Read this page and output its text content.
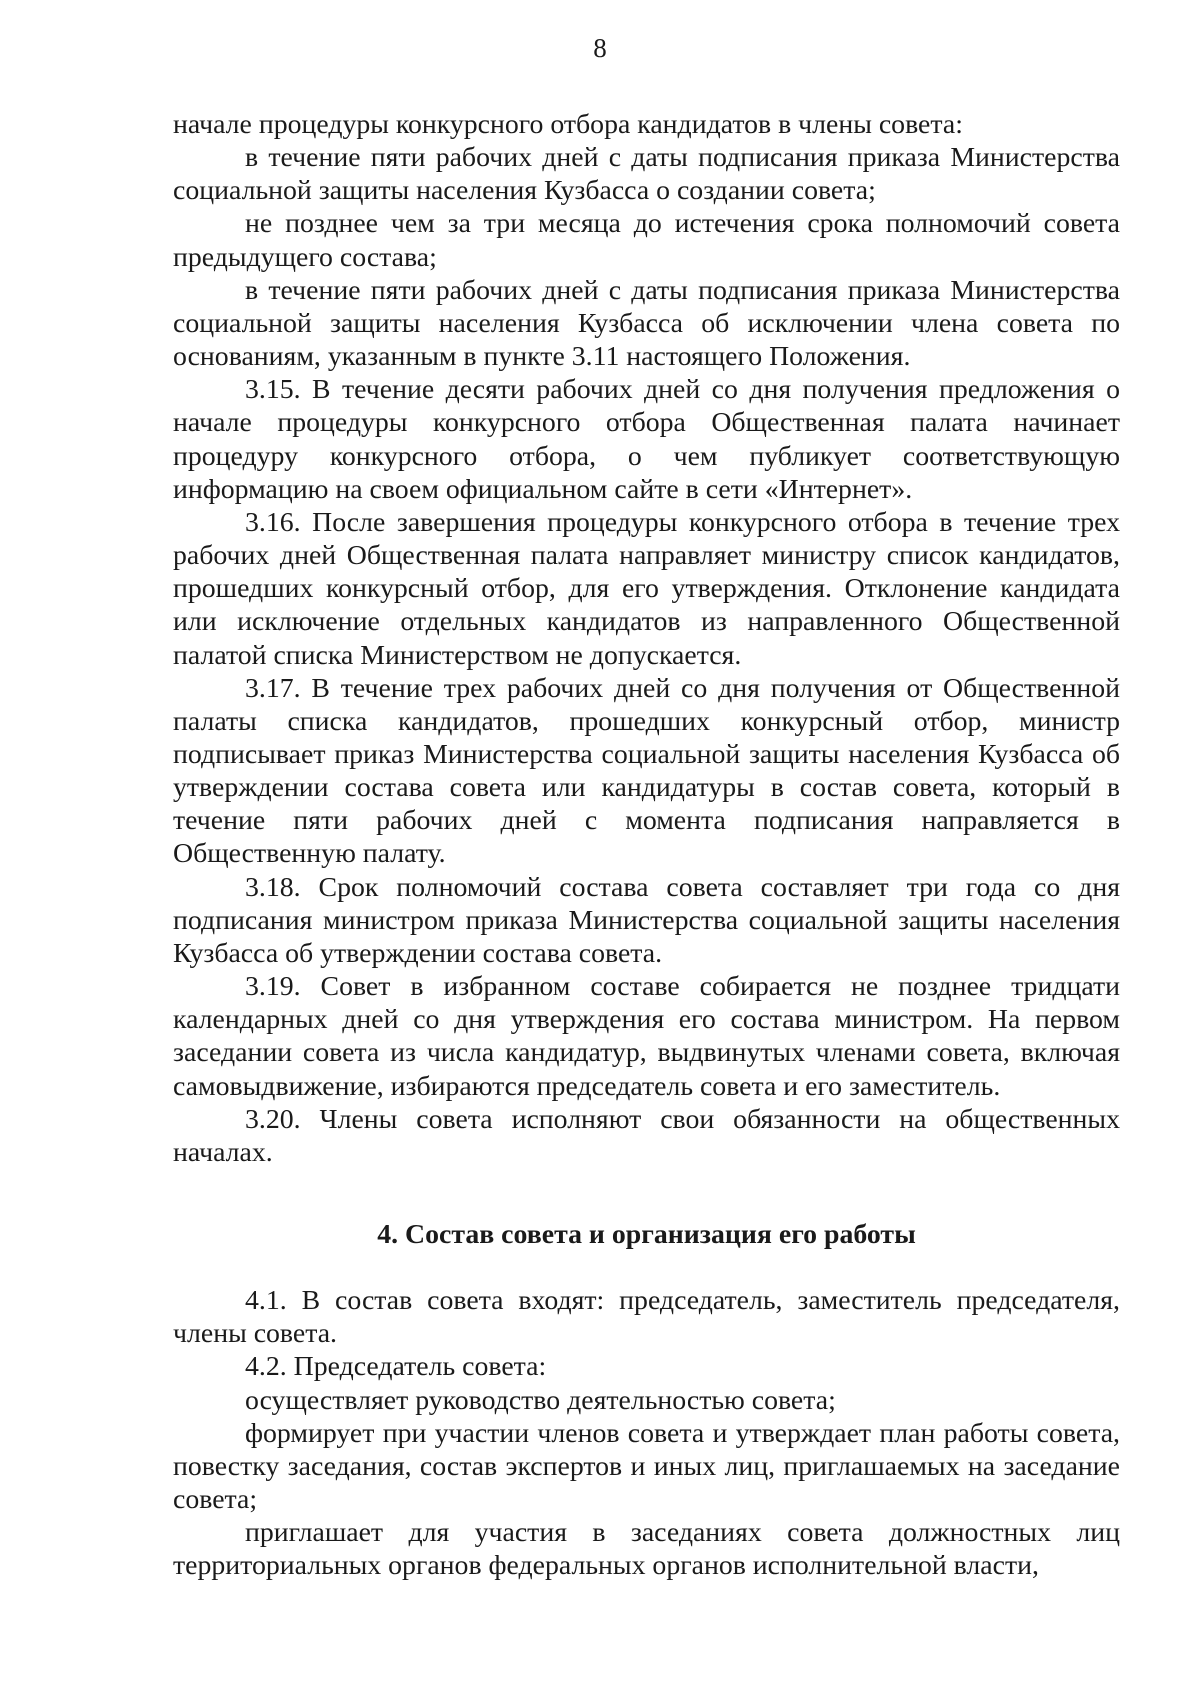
8

начале процедуры конкурсного отбора кандидатов в члены совета:

в течение пяти рабочих дней с даты подписания приказа Министерства социальной защиты населения Кузбасса о создании совета;

не позднее чем за три месяца до истечения срока полномочий совета предыдущего состава;

в течение пяти рабочих дней с даты подписания приказа Министерства социальной защиты населения Кузбасса об исключении члена совета по основаниям, указанным в пункте 3.11 настоящего Положения.

3.15. В течение десяти рабочих дней со дня получения предложения о начале процедуры конкурсного отбора Общественная палата начинает процедуру конкурсного отбора, о чем публикует соответствующую информацию на своем официальном сайте в сети «Интернет».

3.16. После завершения процедуры конкурсного отбора в течение трех рабочих дней Общественная палата направляет министру список кандидатов, прошедших конкурсный отбор, для его утверждения. Отклонение кандидата или исключение отдельных кандидатов из направленного Общественной палатой списка Министерством не допускается.

3.17. В течение трех рабочих дней со дня получения от Общественной палаты списка кандидатов, прошедших конкурсный отбор, министр подписывает приказ Министерства социальной защиты населения Кузбасса об утверждении состава совета или кандидатуры в состав совета, который в течение пяти рабочих дней с момента подписания направляется в Общественную палату.

3.18. Срок полномочий состава совета составляет три года со дня подписания министром приказа Министерства социальной защиты населения Кузбасса об утверждении состава совета.

3.19. Совет в избранном составе собирается не позднее тридцати календарных дней со дня утверждения его состава министром. На первом заседании совета из числа кандидатур, выдвинутых членами совета, включая самовыдвижение, избираются председатель совета и его заместитель.

3.20. Члены совета исполняют свои обязанности на общественных началах.

4. Состав совета и организация его работы

4.1. В состав совета входят: председатель, заместитель председателя, члены совета.

4.2. Председатель совета:

осуществляет руководство деятельностью совета;

формирует при участии членов совета и утверждает план работы совета, повестку заседания, состав экспертов и иных лиц, приглашаемых на заседание совета;

приглашает для участия в заседаниях совета должностных лиц территориальных органов федеральных органов исполнительной власти,
